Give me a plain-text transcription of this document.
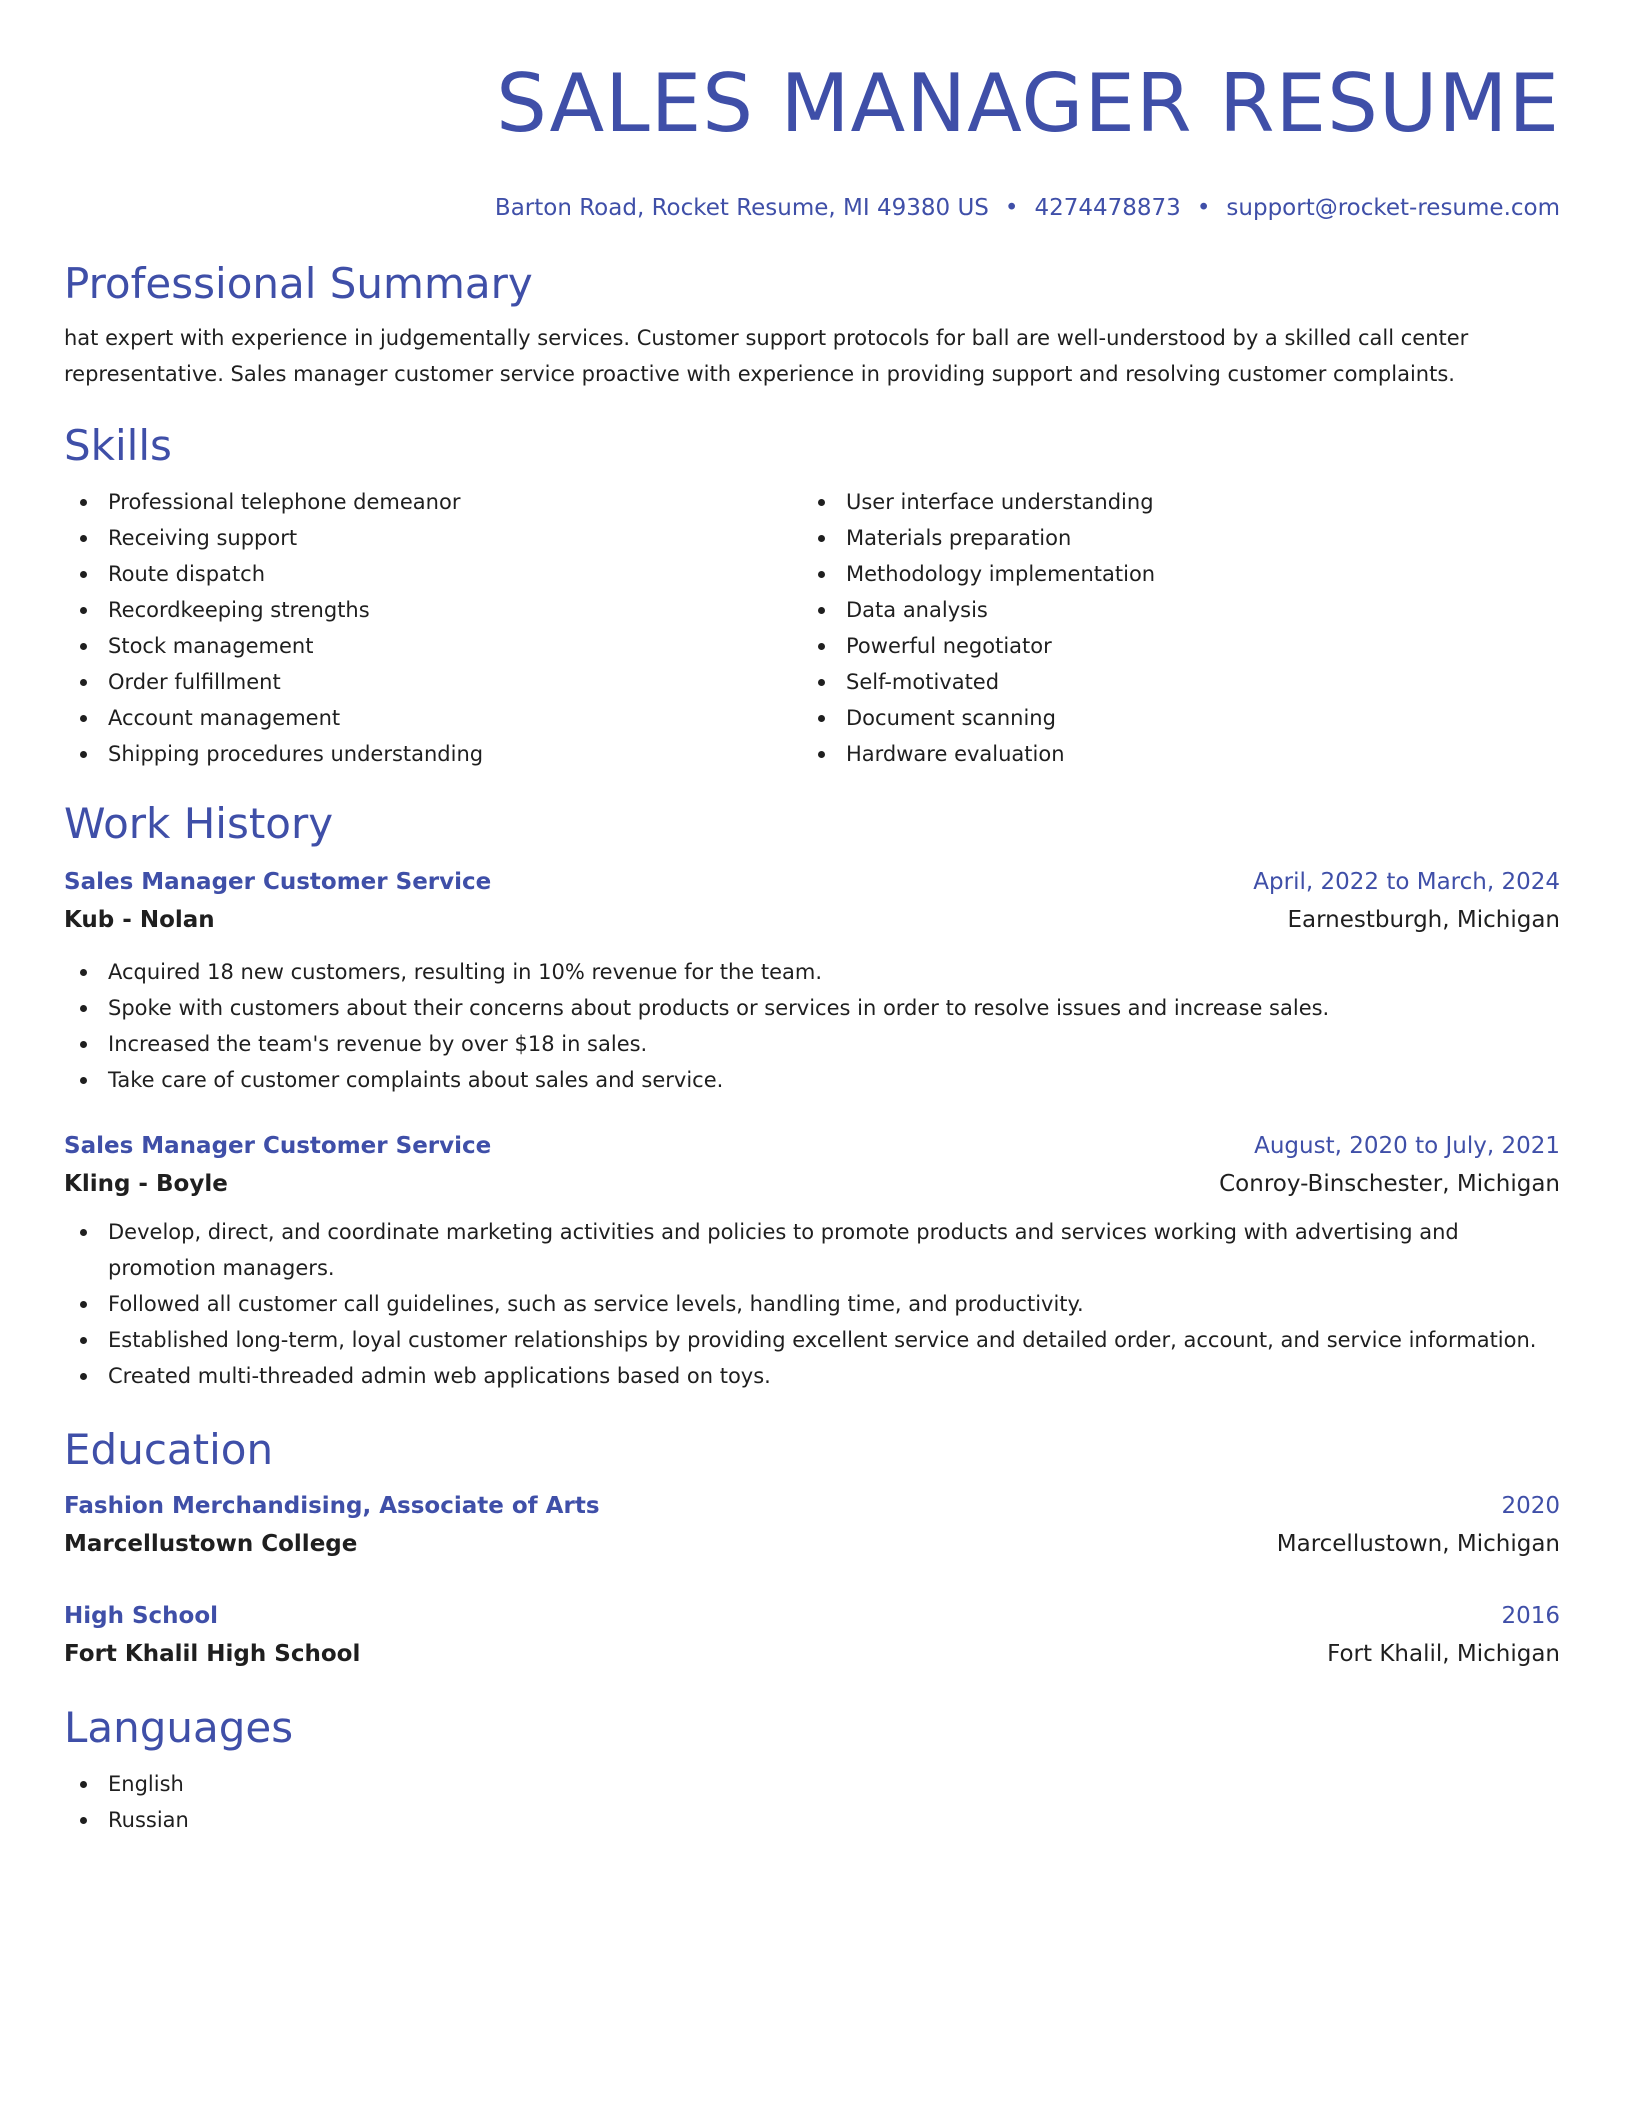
SALES MANAGER RESUME
Barton Road, Rocket Resume, MI 49380 US • 4274478873 • support@rocket-resume.com
Professional Summary

hat expert with experience in judgementally services. Customer support protocols for ball are well-understood by a skilled call center representative. Sales manager customer service proactive with experience in providing support and resolving customer complaints.

Skills
Professional telephone demeanor
Receiving support
Route dispatch
Recordkeeping strengths
Stock management
Order fulfillment
Account management
Shipping procedures understanding
User interface understanding
Materials preparation
Methodology implementation
Data analysis
Powerful negotiator
Self-motivated
Document scanning
Hardware evaluation
Work History
Sales Manager Customer Service	April, 2022 to March, 2024
Kub - Nolan	Earnestburgh, Michigan
Acquired 18 new customers, resulting in 10% revenue for the team.
Spoke with customers about their concerns about products or services in order to resolve issues and increase sales.
Increased the team's revenue by over $18 in sales.
Take care of customer complaints about sales and service.
Sales Manager Customer Service	August, 2020 to July, 2021
Kling - Boyle	Conroy-Binschester, Michigan
Develop, direct, and coordinate marketing activities and policies to promote products and services working with advertising and promotion managers.
Followed all customer call guidelines, such as service levels, handling time, and productivity.
Established long-term, loyal customer relationships by providing excellent service and detailed order, account, and service information.
Created multi-threaded admin web applications based on toys.
Education
Fashion Merchandising, Associate of Arts	2020
Marcellustown College	Marcellustown, Michigan
High School	2016
Fort Khalil High School	Fort Khalil, Michigan
Languages
English
Russian
